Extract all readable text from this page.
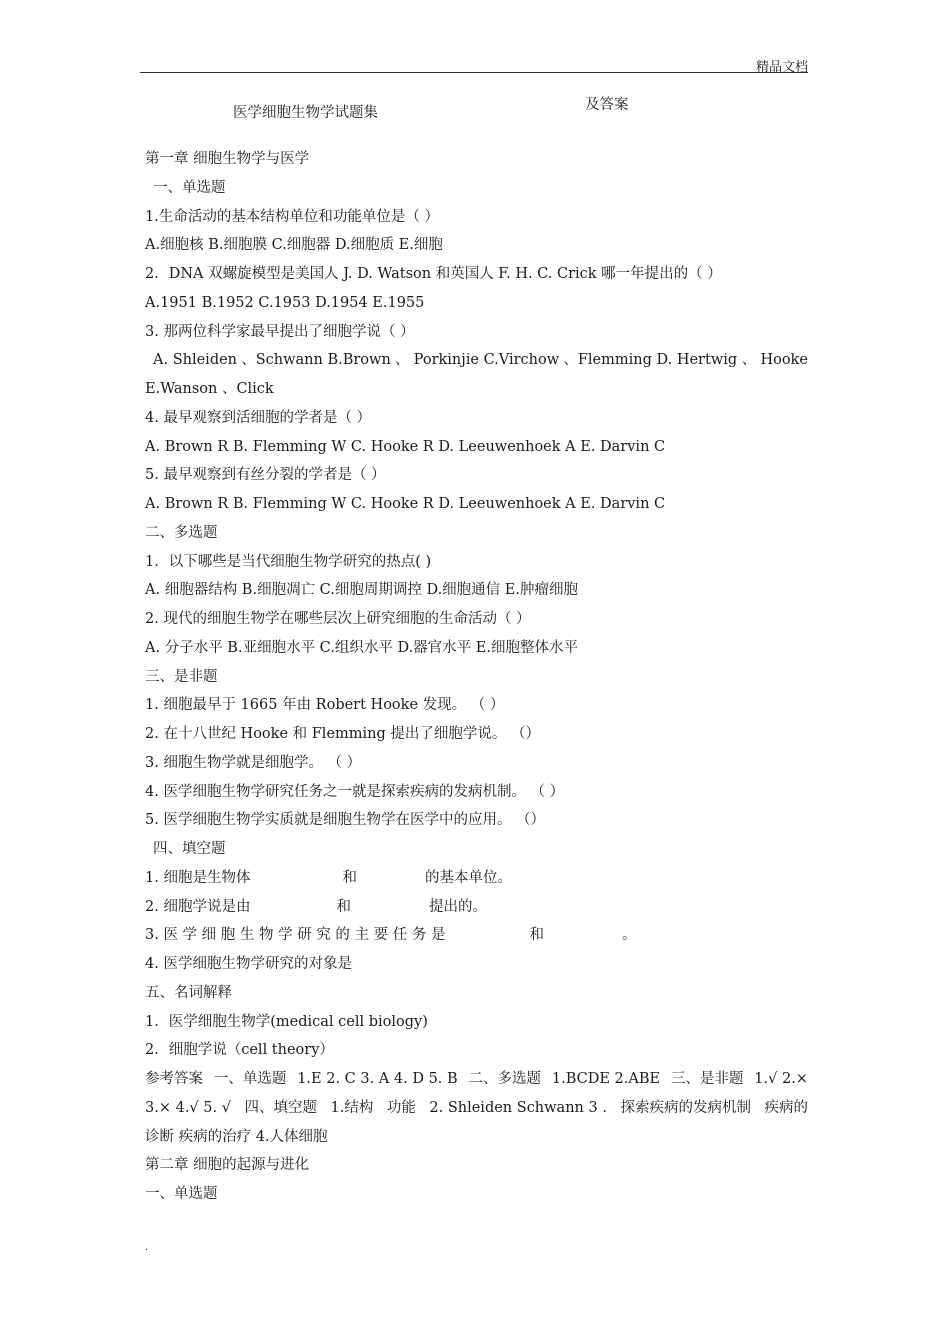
精品文档
医学细胞生物学试题集	及答案
第一章 细胞生物学与医学
一、单选题
1.生命活动的基本结构单位和功能单位是（ ）
A.细胞核 B.细胞膜 C.细胞器 D.细胞质 E.细胞
2．DNA 双螺旋模型是美国人 J. D. Watson 和英国人 F. H. C. Crick 哪一年提出的（ ）
A.1951 B.1952 C.1953 D.1954 E.1955
3. 那两位科学家最早提出了细胞学说（ ）
A. Shleiden 、Schwann B.Brown 、 Porkinjie C.Virchow 、Flemming D. Hertwig 、 Hooke
E.Wanson 、Click
4. 最早观察到活细胞的学者是（ ）
A. Brown R B. Flemming W C. Hooke R D. Leeuwenhoek A E. Darvin C
5. 最早观察到有丝分裂的学者是（ ）
A. Brown R B. Flemming W C. Hooke R D. Leeuwenhoek A E. Darvin C
二、多选题
1．以下哪些是当代细胞生物学研究的热点( )
A. 细胞器结构 B.细胞凋亡 C.细胞周期调控 D.细胞通信 E.肿瘤细胞
2. 现代的细胞生物学在哪些层次上研究细胞的生命活动（ ）
A. 分子水平 B.亚细胞水平 C.组织水平 D.器官水平 E.细胞整体水平
三、是非题
1. 细胞最早于 1665 年由 Robert Hooke 发现。 （ ）
2. 在十八世纪 Hooke 和 Flemming 提出了细胞学说。 （）
3. 细胞生物学就是细胞学。 （ ）
4. 医学细胞生物学研究任务之一就是探索疾病的发病机制。 （ ）
5. 医学细胞生物学实质就是细胞生物学在医学中的应用。 （）
四、填空题
1. 细胞是生物体	和	的基本单位。
2. 细胞学说是由	和	提出的。
3. 医 学 细 胞 生 物 学 研 究 的 主 要 任 务 是	和	。
4. 医学细胞生物学研究的对象是
五、名词解释
1．医学细胞生物学(medical cell biology)
2．细胞学说（cell theory）
参考答案 一、单选题 1.E 2. C 3. A 4. D 5. B 二、多选题 1.BCDE 2.ABE 三、是非题 1.√ 2.×
3.× 4.√ 5. √ 四、填空题 1.结构 功能 2. Shleiden Schwann 3 . 探索疾病的发病机制 疾病的
诊断 疾病的治疗 4.人体细胞
第二章 细胞的起源与进化
一、单选题
.
